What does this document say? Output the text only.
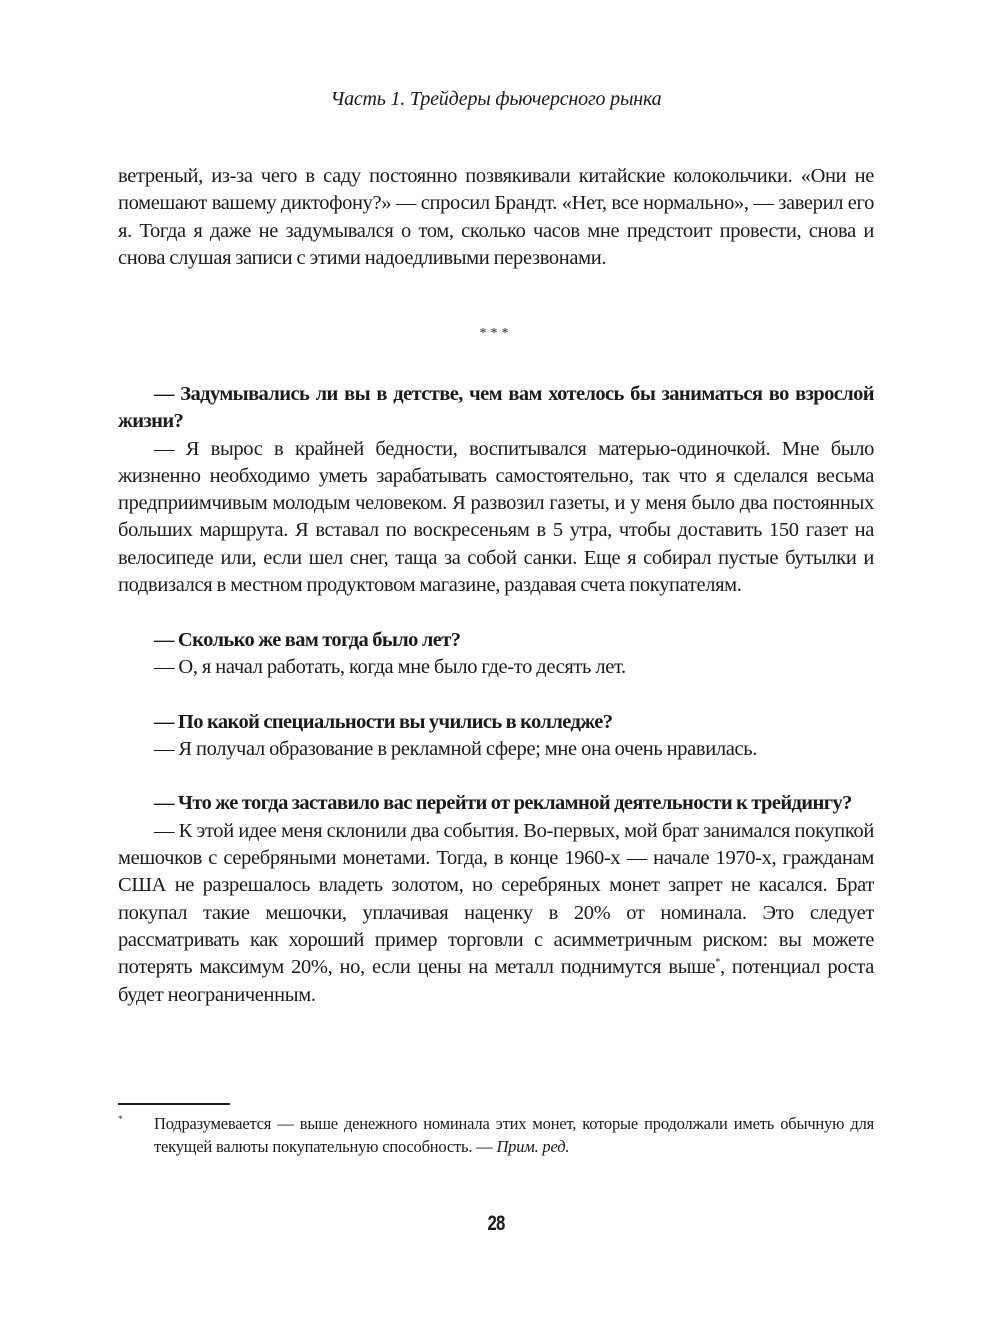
Часть 1. Трейдеры фьючерсного рынка

ветреный, из-за чего в саду постоянно позвякивали китайские колокольчики. «Они не помешают вашему диктофону?» — спросил Брандт. «Нет, все нормально», — заверил его я. Тогда я даже не задумывался о том, сколько часов мне предстоит провести, снова и снова слушая записи с этими надоедливыми перезвонами.

***

— Задумывались ли вы в детстве, чем вам хотелось бы заниматься во взрослой жизни?

— Я вырос в крайней бедности, воспитывался матерью-одиночкой. Мне было жизненно необходимо уметь зарабатывать самостоятельно, так что я сделался весьма предприимчивым молодым человеком. Я развозил газеты, и у меня было два постоянных больших маршрута. Я вставал по воскресеньям в 5 утра, чтобы доставить 150 газет на велосипеде или, если шел снег, таща за собой санки. Еще я собирал пустые бутылки и подвизался в местном продуктовом магазине, раздавая счета покупателям.

— Сколько же вам тогда было лет?

— О, я начал работать, когда мне было где-то десять лет.

— По какой специальности вы учились в колледже?

— Я получал образование в рекламной сфере; мне она очень нравилась.

— Что же тогда заставило вас перейти от рекламной деятельности к трейдингу?

— К этой идее меня склонили два события. Во-первых, мой брат занимался покупкой мешочков с серебряными монетами. Тогда, в конце 1960-х — начале 1970-х, гражданам США не разрешалось владеть золотом, но серебряных монет запрет не касался. Брат покупал такие мешочки, уплачивая наценку в 20% от номинала. Это следует рассматривать как хороший пример торговли с асимметричным риском: вы можете потерять максимум 20%, но, если цены на металл поднимутся выше*, потенциал роста будет неограниченным.

* Подразумевается — выше денежного номинала этих монет, которые продолжали иметь обычную для текущей валюты покупательную способность. — Прим. ред.
28
